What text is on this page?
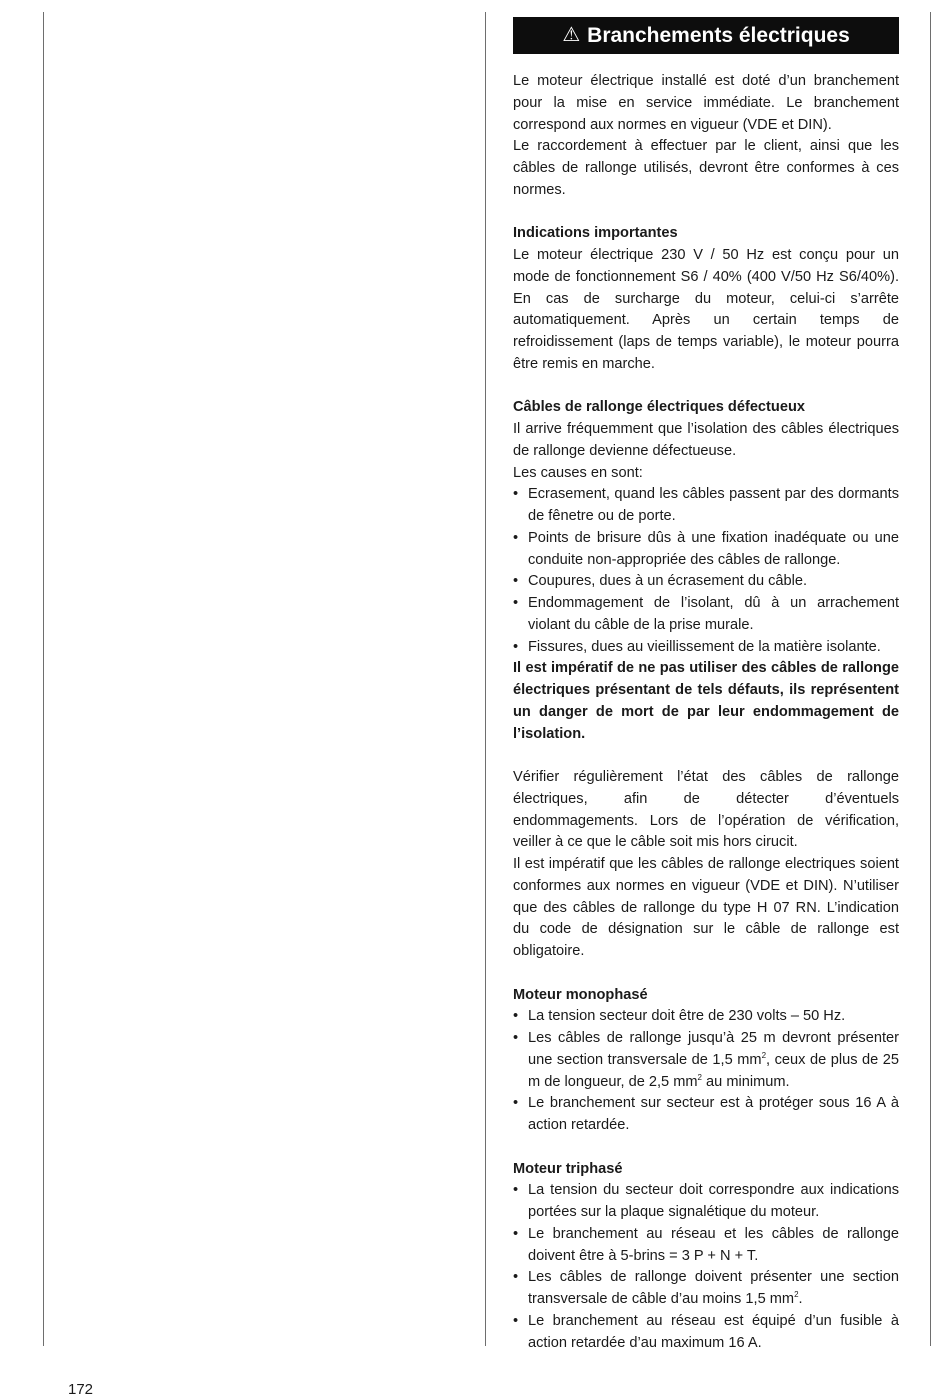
⚠ Branchements électriques

Le moteur électrique installé est doté d’un branchement pour la mise en service immédiate. Le branchement correspond aux normes en vigueur (VDE et DIN).

Le raccordement à effectuer par le client, ainsi que les câbles de rallonge utilisés, devront être conformes à ces normes.

Indications importantes

Le moteur électrique 230 V / 50 Hz est conçu pour un mode de fonctionnement S6 / 40% (400 V/50 Hz S6/40%). En cas de surcharge du moteur, celui-ci s’arrête automatiquement. Après un certain temps de refroidissement (laps de temps variable), le moteur pourra être remis en marche.

Câbles de rallonge électriques défectueux

Il arrive fréquemment que l’isolation des câbles électriques de rallonge devienne défectueuse.

Les causes en sont:

• Ecrasement, quand les câbles passent par des dormants de fênetre ou de porte.
• Points de brisure dûs à une fixation inadéquate ou une conduite non-appropriée des câbles de rallonge.
• Coupures, dues à un écrasement du câble.
• Endommagement de l’isolant, dû à un arrachement violant du câble de la prise murale.
• Fissures, dues au vieillissement de la matière isolante.

Il est impératif de ne pas utiliser des câbles de rallonge électriques présentant de tels défauts, ils représentent un danger de mort de par leur endommagement de l’isolation.

Vérifier régulièrement l’état des câbles de rallonge électriques, afin de détecter d’éventuels endommagements. Lors de l’opération de vérification, veiller à ce que le câble soit mis hors cirucit.

Il est impératif que les câbles de rallonge electriques soient conformes aux normes en vigueur (VDE et DIN). N’utiliser que des câbles de rallonge du type H 07 RN. L’indication du code de désignation sur le câble de rallonge est obligatoire.

Moteur monophasé

• La tension secteur doit être de 230 volts – 50 Hz.
• Les câbles de rallonge jusqu’à 25 m devront présenter une section transversale de 1,5 $mm^2$, ceux de plus de 25 m de longueur, de 2,5 $mm^2$ au minimum.
• Le branchement sur secteur est à protéger sous 16 A à action retardée.

Moteur triphasé

• La tension du secteur doit correspondre aux indications portées sur la plaque signalétique du moteur.
• Le branchement au réseau et les câbles de rallonge doivent être à 5-brins = 3 P + N + T.
• Les câbles de rallonge doivent présenter une section transversale de câble d’au moins 1,5 $mm^2$.
• Le branchement au réseau est équipé d’un fusible à action retardée d’au maximum 16 A.
172
